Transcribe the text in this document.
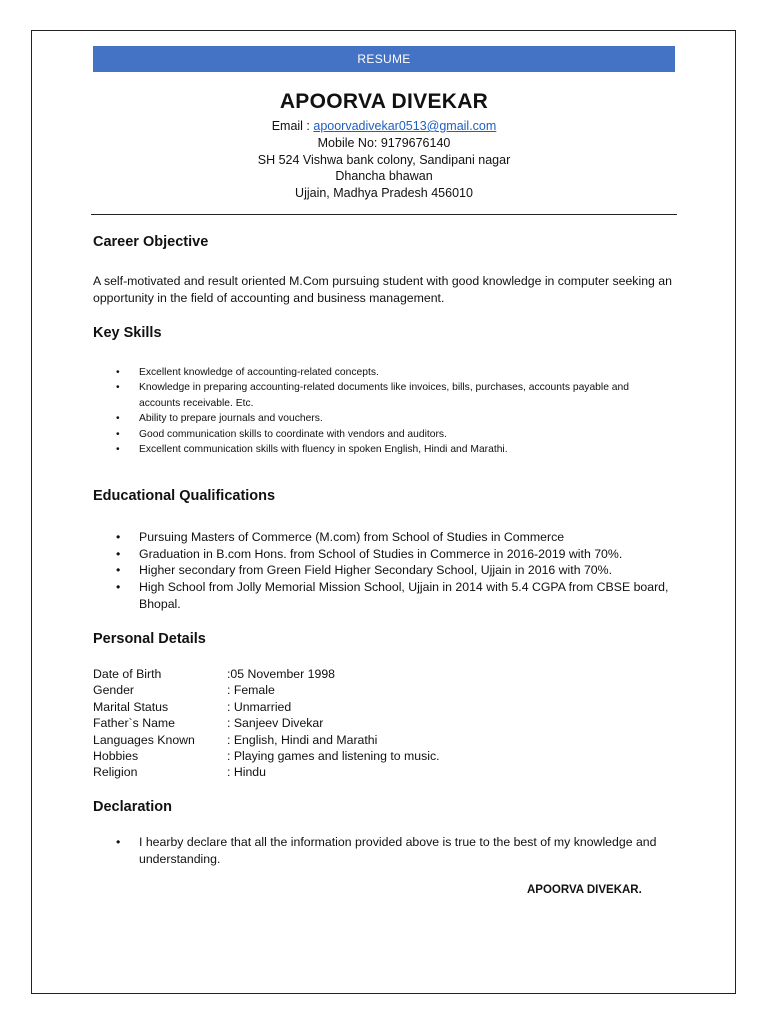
RESUME
APOORVA DIVEKAR
Email : apoorvadivekar0513@gmail.com
Mobile No: 9179676140
SH 524 Vishwa bank colony, Sandipani nagar
Dhancha bhawan
Ujjain, Madhya Pradesh 456010
Career Objective

A self-motivated and result oriented M.Com pursuing student with good knowledge in computer seeking an opportunity in the field of accounting and business management.

Key Skills
• Excellent knowledge of accounting-related concepts.
• Knowledge in preparing accounting-related documents like invoices, bills, purchases, accounts payable and accounts receivable. Etc.
• Ability to prepare journals and vouchers.
• Good communication skills to coordinate with vendors and auditors.
• Excellent communication skills with fluency in spoken English, Hindi and Marathi.
Educational Qualifications
• Pursuing Masters of Commerce (M.com) from School of Studies in Commerce
• Graduation in B.com Hons. from School of Studies in Commerce in 2016-2019 with 70%.
• Higher secondary from Green Field Higher Secondary School, Ujjain in 2016 with 70%.
• High School from Jolly Memorial Mission School, Ujjain in 2014 with 5.4 CGPA from CBSE board, Bhopal.
Personal Details
Date of Birth	:05 November 1998
Gender	: Female
Marital Status	: Unmarried
Father`s Name	: Sanjeev Divekar
Languages Known	: English, Hindi and Marathi
Hobbies	: Playing games and listening to music.
Religion	: Hindu
Declaration
• I hearby declare that all the information provided above is true to the best of my knowledge and understanding.
APOORVA DIVEKAR.
